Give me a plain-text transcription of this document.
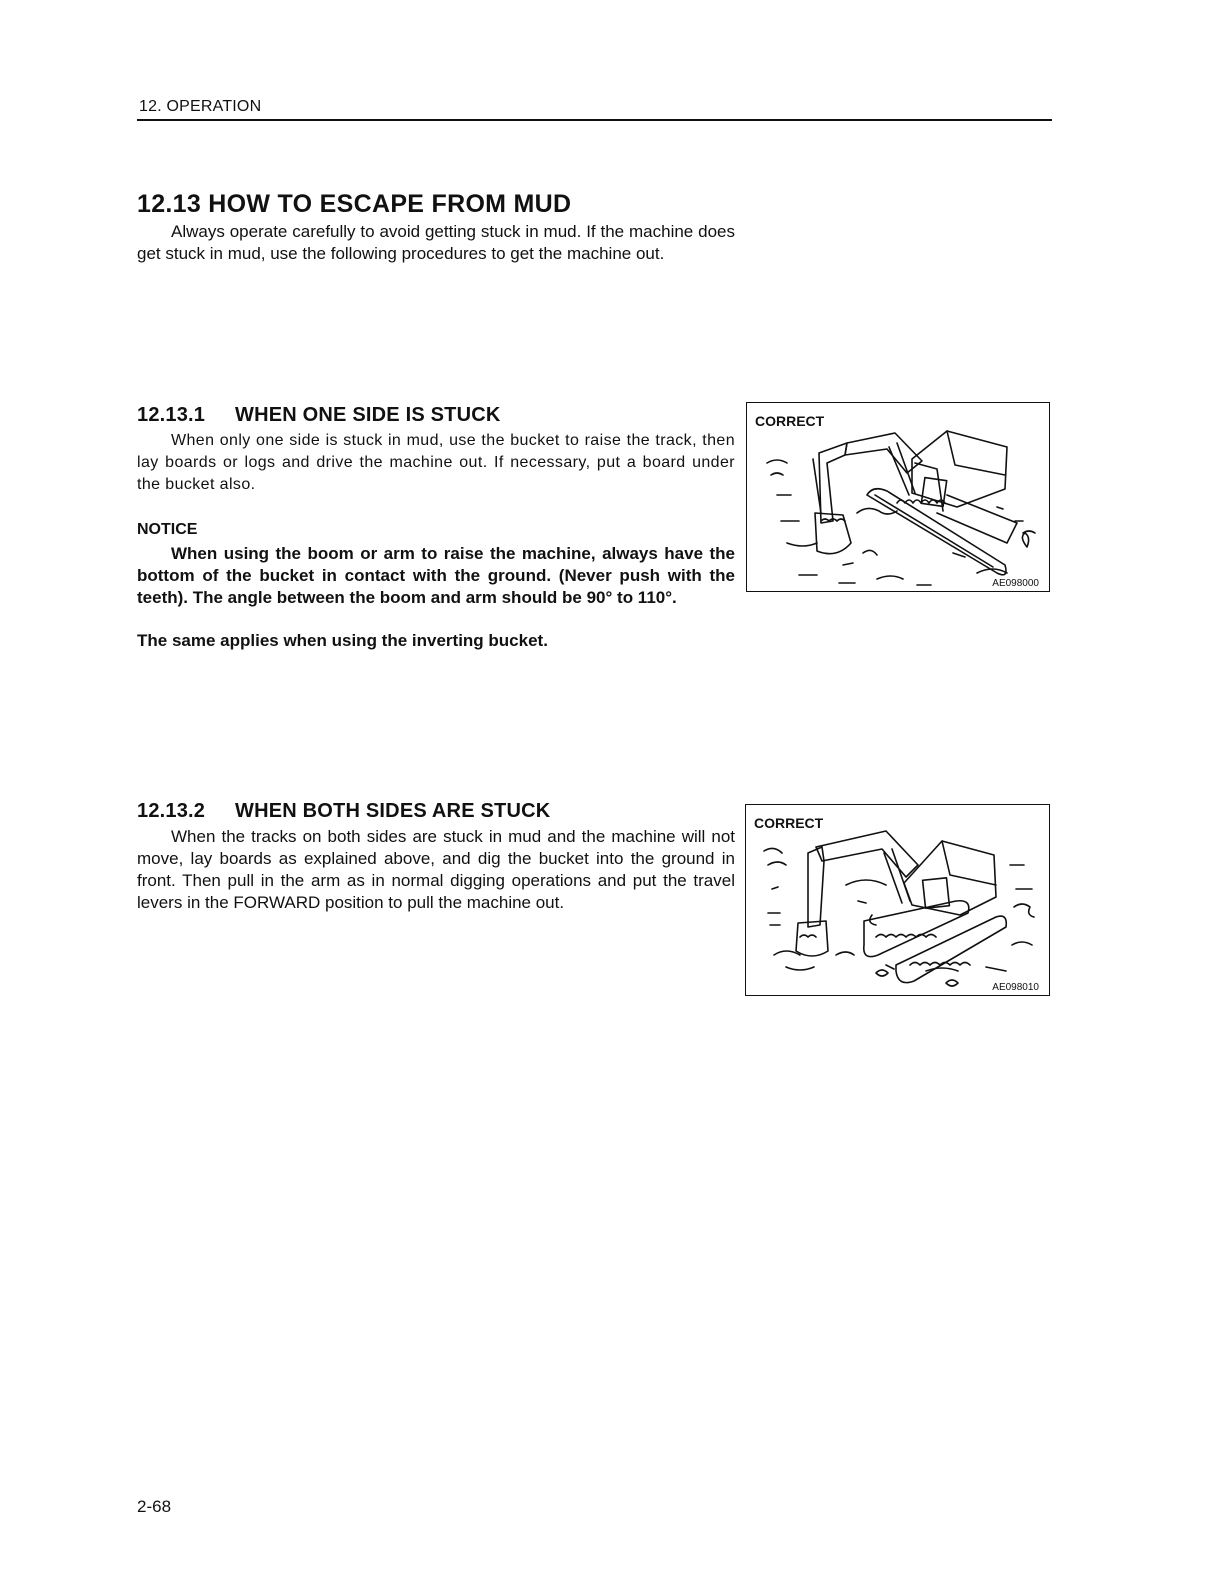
12. OPERATION
12.13 HOW TO ESCAPE FROM MUD
Always operate carefully to avoid getting stuck in mud. If the machine does get stuck in mud, use the following procedures to get the machine out.
12.13.1 WHEN ONE SIDE IS STUCK
When only one side is stuck in mud, use the bucket to raise the track, then lay boards or logs and drive the machine out. If necessary, put a board under the bucket also.
NOTICE
When using the boom or arm to raise the machine, always have the bottom of the bucket in contact with the ground. (Never push with the teeth). The angle between the boom and arm should be 90° to 110°.
The same applies when using the inverting bucket.
CORRECT
AE098000
12.13.2 WHEN BOTH SIDES ARE STUCK
When the tracks on both sides are stuck in mud and the machine will not move, lay boards as explained above, and dig the bucket into the ground in front. Then pull in the arm as in normal digging operations and put the travel levers in the FORWARD position to pull the machine out.
CORRECT
AE098010
2-68
